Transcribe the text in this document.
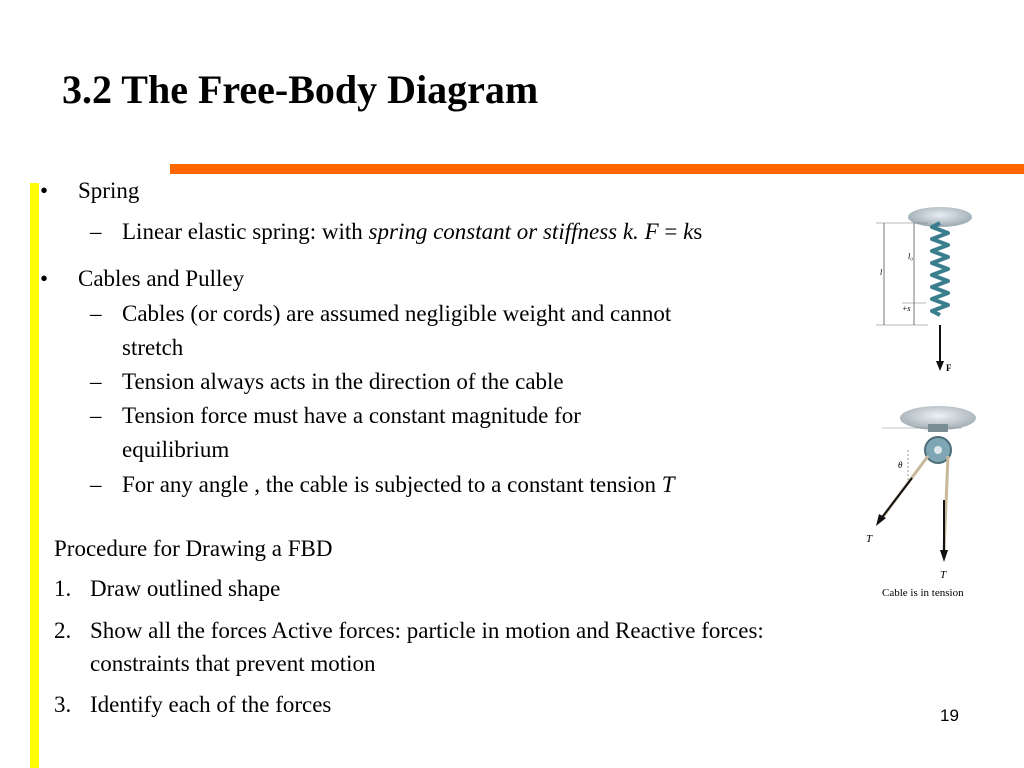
3.2 The Free-Body Diagram
• Spring
– Linear elastic spring: with spring constant or stiffness k. F = ks
• Cables and Pulley
– Cables (or cords) are assumed negligible weight and cannot
stretch
– Tension always acts in the direction of the cable
– Tension force must have a constant magnitude for
equilibrium
– For any angle , the cable is subjected to a constant tension T
Procedure for Drawing a FBD
1. Draw outlined shape
2. Show all the forces Active forces: particle in motion and Reactive forces:
constraints that prevent motion
3. Identify each of the forces
F
l
l₀
+s
θ
T
T
Cable is in tension
19
